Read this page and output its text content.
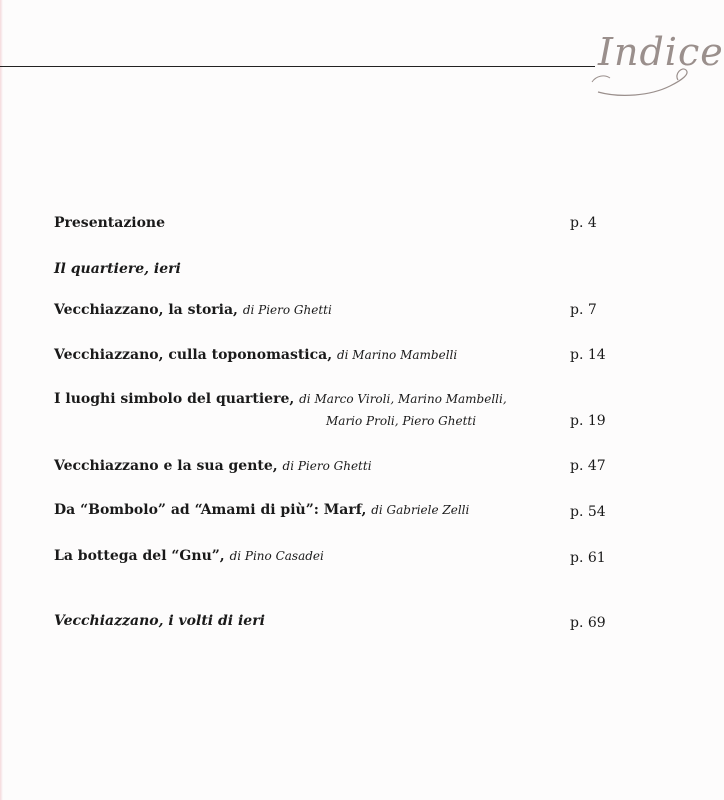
Indice
Presentazione	p. 4
Il quartiere, ieri
Vecchiazzano, la storia, di Piero Ghetti	p. 7
Vecchiazzano, culla toponomastica, di Marino Mambelli	p. 14
I luoghi simbolo del quartiere, di Marco Viroli, Marino Mambelli,
Mario Proli, Piero Ghetti	p. 19
Vecchiazzano e la sua gente, di Piero Ghetti	p. 47
Da “Bombolo” ad “Amami di più”: Marf, di Gabriele Zelli	p. 54
La bottega del “Gnu”, di Pino Casadei	p. 61
Vecchiazzano, i volti di ieri	p. 69
